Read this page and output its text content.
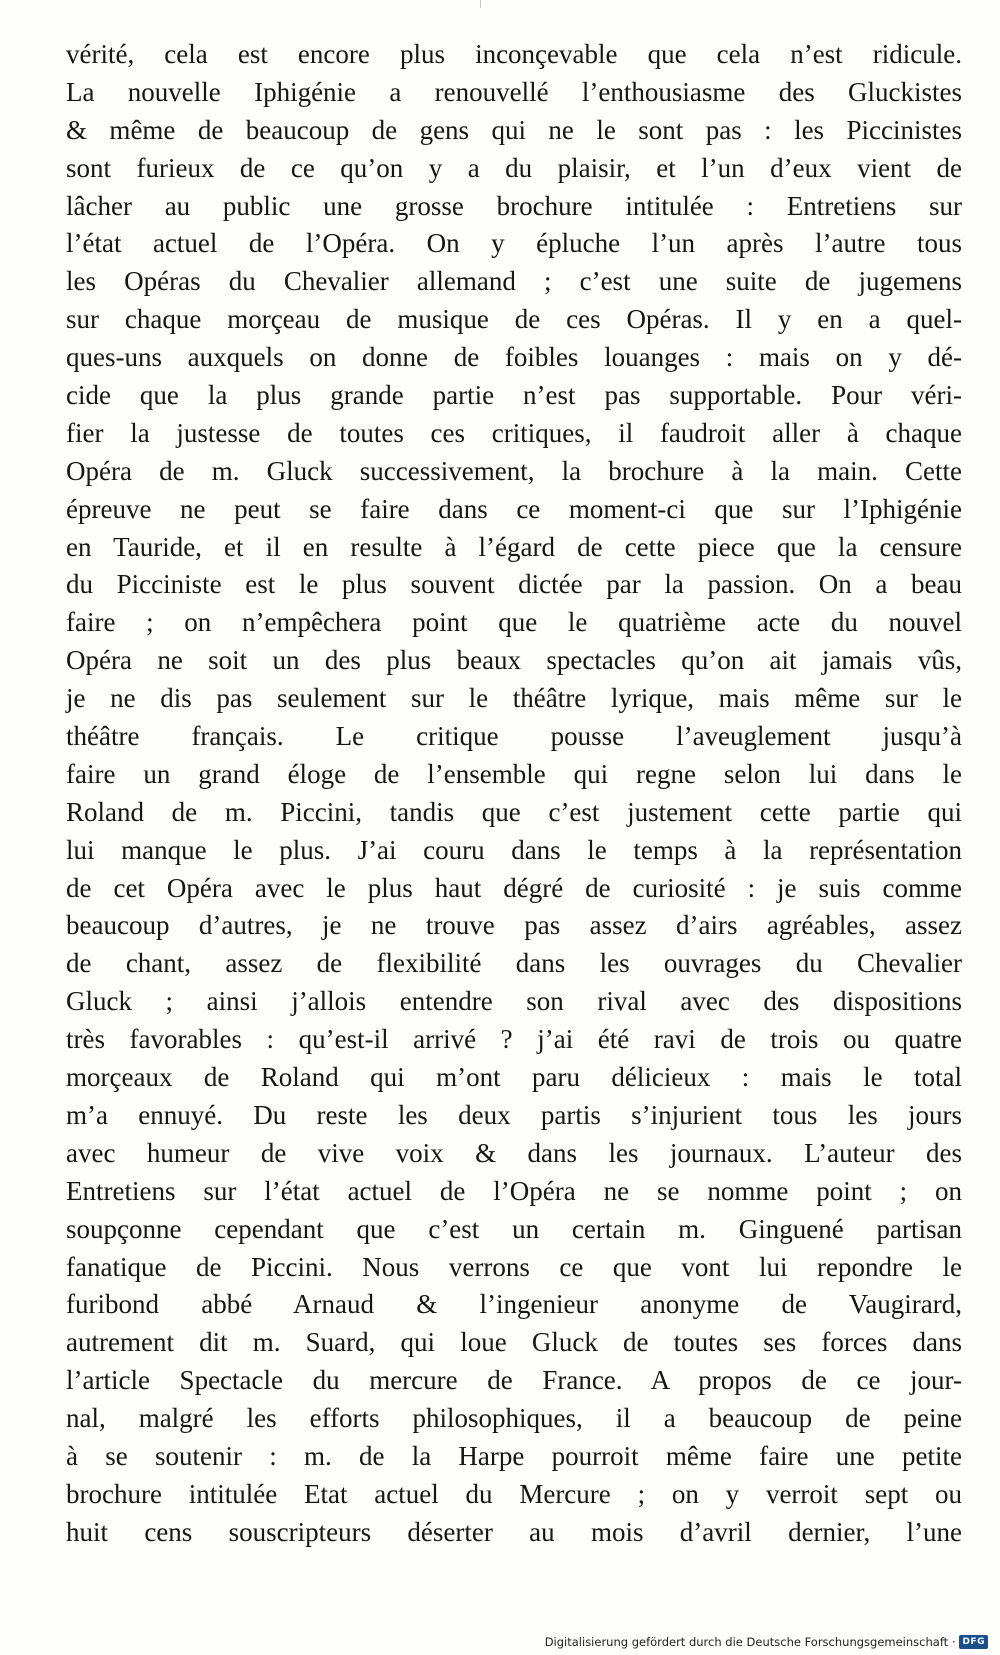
vérité, cela est encore plus inconçevable que cela n’est ridicule.
La nouvelle Iphigénie a renouvellé l’enthousiasme des Gluckistes
& même de beaucoup de gens qui ne le sont pas : les Piccinistes
sont furieux de ce qu’on y a du plaisir, et l’un d’eux vient de
lâcher au public une grosse brochure intitulée : Entretiens sur
l’état actuel de l’Opéra. On y épluche l’un après l’autre tous
les Opéras du Chevalier allemand ; c’est une suite de jugemens
sur chaque morçeau de musique de ces Opéras. Il y en a quel-
ques-uns auxquels on donne de foibles louanges : mais on y dé-
cide que la plus grande partie n’est pas supportable. Pour véri-
fier la justesse de toutes ces critiques, il faudroit aller à chaque
Opéra de m. Gluck successivement, la brochure à la main. Cette
épreuve ne peut se faire dans ce moment-ci que sur l’Iphigénie
en Tauride, et il en resulte à l’égard de cette piece que la censure
du Picciniste est le plus souvent dictée par la passion. On a beau
faire ; on n’empêchera point que le quatrième acte du nouvel
Opéra ne soit un des plus beaux spectacles qu’on ait jamais vûs,
je ne dis pas seulement sur le théâtre lyrique, mais même sur le
théâtre français. Le critique pousse l’aveuglement jusqu’à
faire un grand éloge de l’ensemble qui regne selon lui dans le
Roland de m. Piccini, tandis que c’est justement cette partie qui
lui manque le plus. J’ai couru dans le temps à la représentation
de cet Opéra avec le plus haut dégré de curiosité : je suis comme
beaucoup d’autres, je ne trouve pas assez d’airs agréables, assez
de chant, assez de flexibilité dans les ouvrages du Chevalier
Gluck ; ainsi j’allois entendre son rival avec des dispositions
très favorables : qu’est-il arrivé ? j’ai été ravi de trois ou quatre
morçeaux de Roland qui m’ont paru délicieux : mais le total
m’a ennuyé. Du reste les deux partis s’injurient tous les jours
avec humeur de vive voix & dans les journaux. L’auteur des
Entretiens sur l’état actuel de l’Opéra ne se nomme point ; on
soupçonne cependant que c’est un certain m. Ginguené partisan
fanatique de Piccini. Nous verrons ce que vont lui repondre le
furibond abbé Arnaud & l’ingenieur anonyme de Vaugirard,
autrement dit m. Suard, qui loue Gluck de toutes ses forces dans
l’article Spectacle du mercure de France. A propos de ce jour-
nal, malgré les efforts philosophiques, il a beaucoup de peine
à se soutenir : m. de la Harpe pourroit même faire une petite
brochure intitulée Etat actuel du Mercure ; on y verroit sept ou
huit cens souscripteurs déserter au mois d’avril dernier, l’une
Digitalisierung gefördert durch die Deutsche Forschungsgemeinschaft · DFG
